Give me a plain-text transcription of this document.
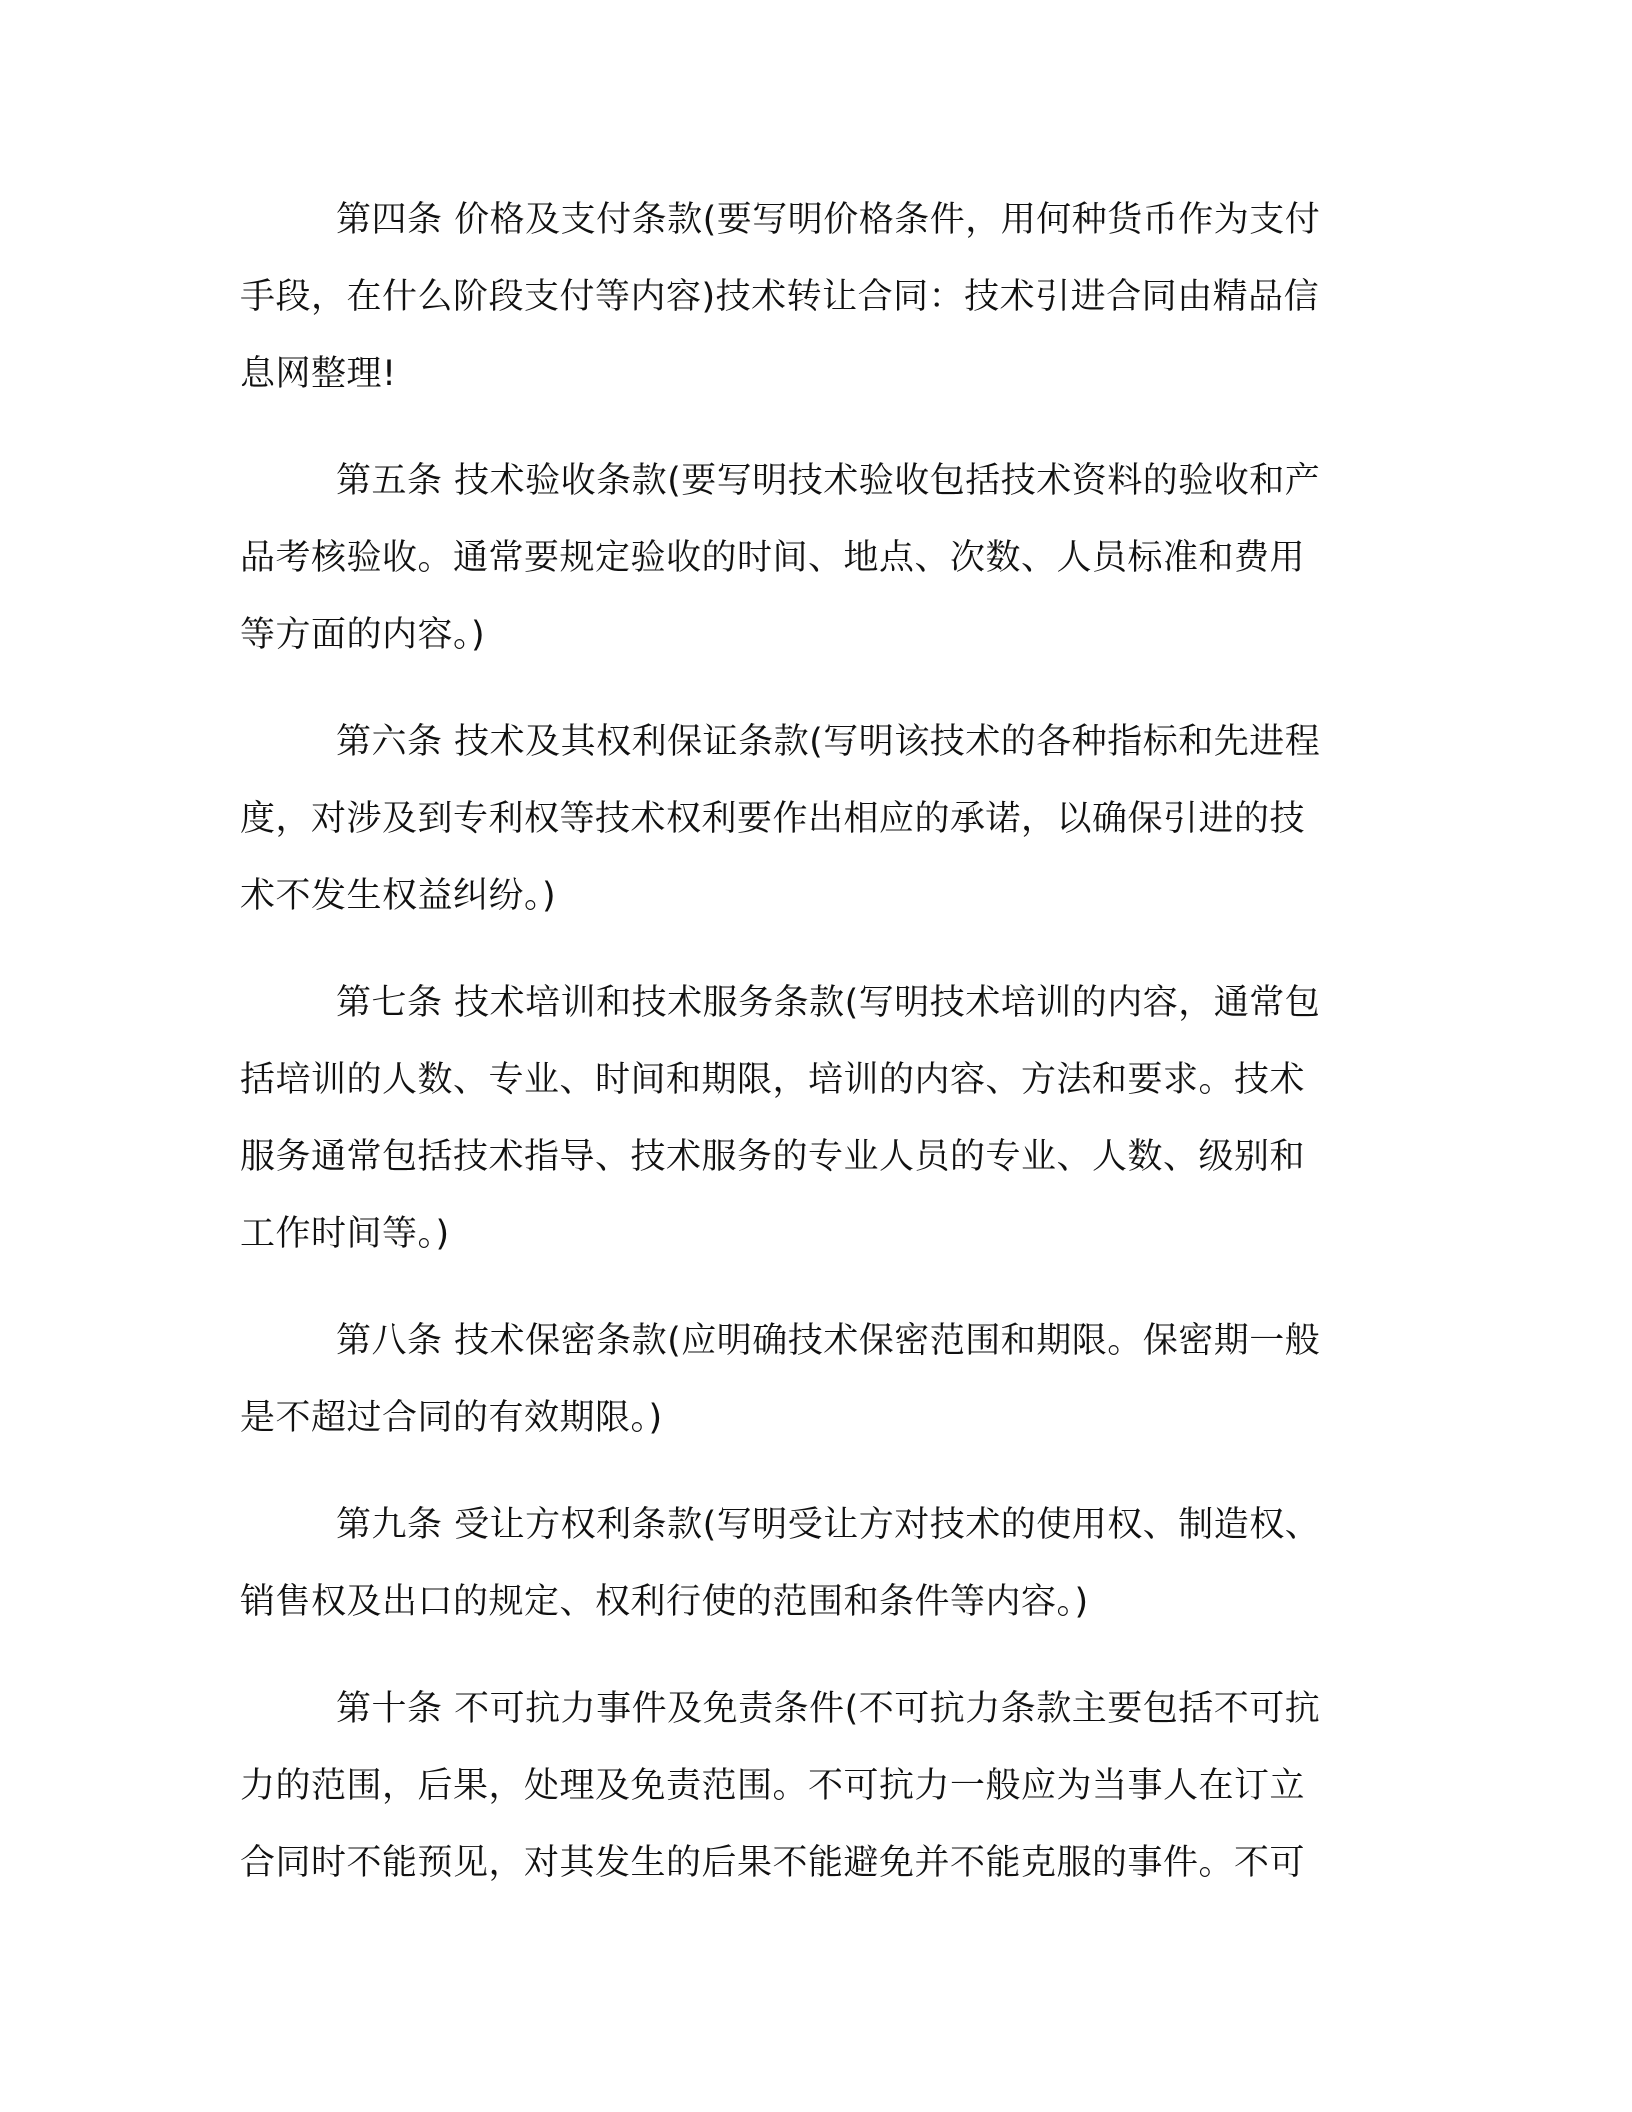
第四条 价格及支付条款(要写明价格条件，用何种货币作为支付
手段，在什么阶段支付等内容)技术转让合同：技术引进合同由精品信
息网整理!
第五条 技术验收条款(要写明技术验收包括技术资料的验收和产
品考核验收。通常要规定验收的时间、地点、次数、人员标准和费用
等方面的内容。)
第六条 技术及其权利保证条款(写明该技术的各种指标和先进程
度，对涉及到专利权等技术权利要作出相应的承诺，以确保引进的技
术不发生权益纠纷。)
第七条 技术培训和技术服务条款(写明技术培训的内容，通常包
括培训的人数、专业、时间和期限，培训的内容、方法和要求。技术
服务通常包括技术指导、技术服务的专业人员的专业、人数、级别和
工作时间等。)
第八条 技术保密条款(应明确技术保密范围和期限。保密期一般
是不超过合同的有效期限。)
第九条 受让方权利条款(写明受让方对技术的使用权、制造权、
销售权及出口的规定、权利行使的范围和条件等内容。)
第十条 不可抗力事件及免责条件(不可抗力条款主要包括不可抗
力的范围，后果，处理及免责范围。不可抗力一般应为当事人在订立
合同时不能预见，对其发生的后果不能避免并不能克服的事件。不可
